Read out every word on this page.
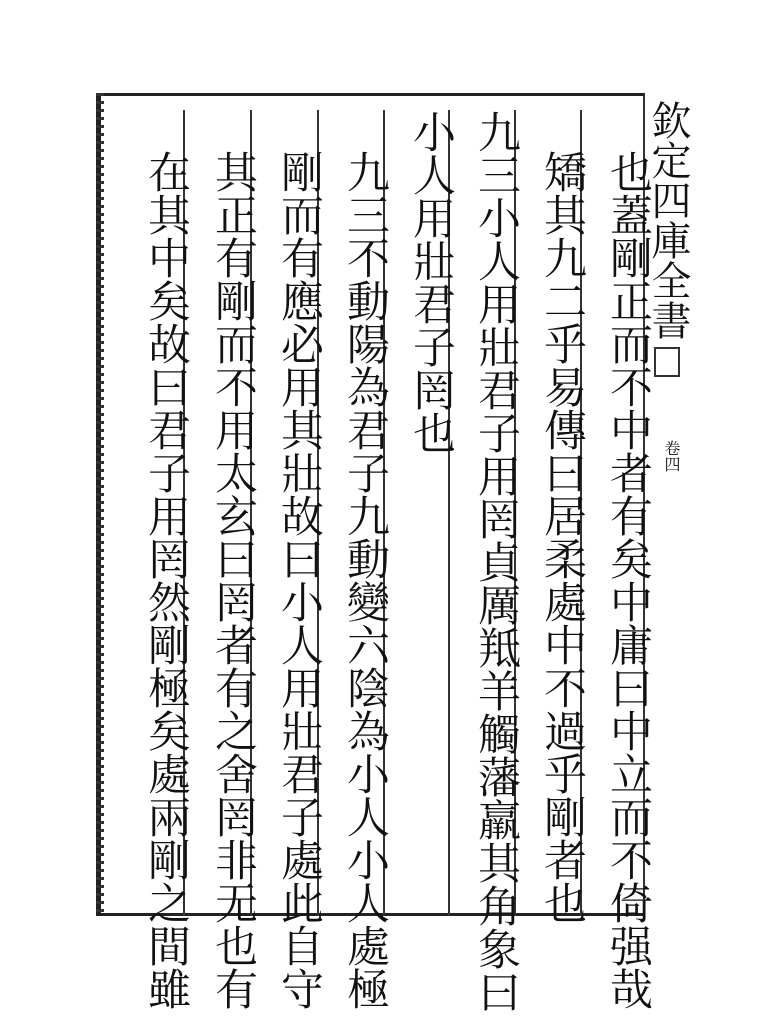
也蓋剛正而不中者有矣中庸曰中立而不倚强哉
矯其九二乎易傳曰居柔處中不過乎剛者也
九三小人用壯君子用罔貞厲羝羊觸藩羸其角象曰
小人用壯君子罔也
九三不動陽為君子九動變六陰為小人小人處極
剛而有應必用其壯故曰小人用壯君子處此自守
其正有剛而不用太玄曰罔者有之舍罔非无也有
在其中矣故曰君子用罔然剛極矣處兩剛之間雖	欽定四庫全書
卷四
